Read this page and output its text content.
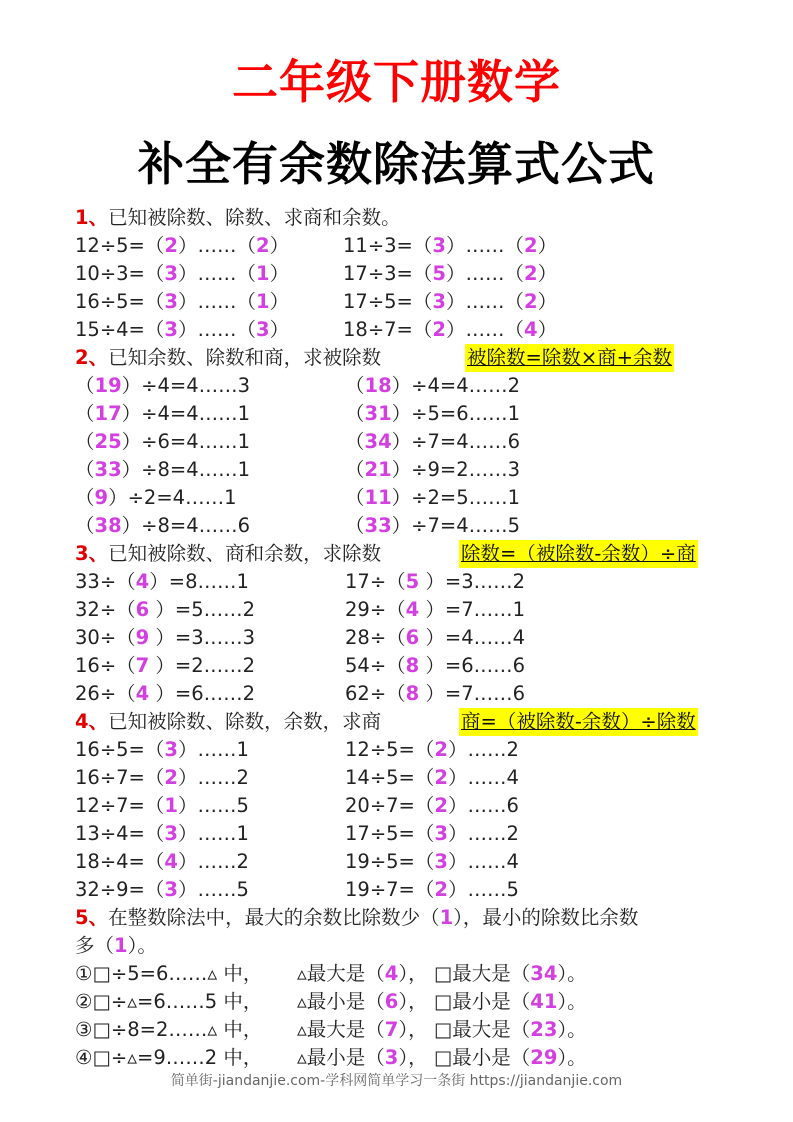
二年级下册数学
补全有余数除法算式公式
1、已知被除数、除数、求商和余数。
12÷5=（2）……（2）	11÷3=（3）……（2）
10÷3=（3）……（1）	17÷3=（5）……（2）
16÷5=（3）……（1）	17÷5=（3）……（2）
15÷4=（3）……（3）	18÷7=（2）……（4）
2、已知余数、除数和商，求被除数	被除数=除数×商+余数
（19）÷4=4……3	（18）÷4=4……2
（17）÷4=4……1	（31）÷5=6……1
（25）÷6=4……1	（34）÷7=4……6
（33）÷8=4……1	（21）÷9=2……3
（9）÷2=4……1	（11）÷2=5……1
（38）÷8=4……6	（33）÷7=4……5
3、已知被除数、商和余数，求除数	除数=（被除数-余数）÷商
33÷（4）=8……1	17÷（5 ）=3……2
32÷（6 ）=5……2	29÷（4 ）=7……1
30÷（9 ）=3……3	28÷（6 ）=4……4
16÷（7 ）=2……2	54÷（8 ）=6……6
26÷（4 ）=6……2	62÷（8 ）=7……6
4、已知被除数、除数，余数，求商	商=（被除数-余数）÷除数
16÷5=（3）……1	12÷5=（2）……2
16÷7=（2）……2	14÷5=（2）……4
12÷7=（1）……5	20÷7=（2）……6
13÷4=（3）……1	17÷5=（3）……2
18÷4=（4）……2	19÷5=（3）……4
32÷9=（3）……5	19÷7=（2）……5
5、在整数除法中，最大的余数比除数少（1），最小的除数比余数
多（1）。
①□÷5=6……▵ 中， ▵最大是（4）， □最大是（34）。
②□÷▵=6……5 中， ▵最小是（6）， □最小是（41）。
③□÷8=2……▵ 中， ▵最大是（7）， □最大是（23）。
④□÷▵=9……2 中， ▵最小是（3）， □最小是（29）。
简单街-jiandanjie.com-学科网简单学习一条街 https://jiandanjie.com
